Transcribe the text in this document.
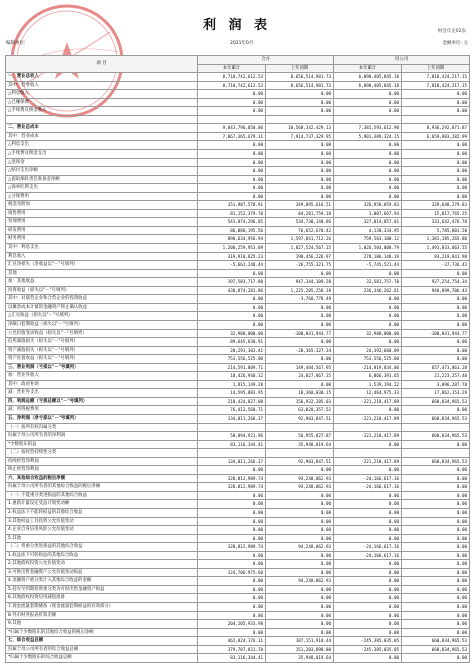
利 润 表	财会年企02表
编制单位:	2021年0月	金额单位: 元
项 目	合并		母公司	
	本年累计	上年同期	本年累计	上年同期
一、营业总收入	8,710,742,612.53	8,656,514,901.73	6,090,405,845.18	7,818,424,217.15
其中：营业收入	8,710,742,612.53	8,656,514,901.73	6,090,405,845.18	7,818,424,217.15
△利息收入	0.00	0.00	0.00	0.00
△已赚保费	0.00	0.00	0.00	0.00
△手续费及佣金收入	0.00	0.00	0.00	0.00

二、营业总成本	9,843,796,050.00	10,568,342,429.13	7,381,593,612.90	8,936,292,871.87
其中：营业成本	7,867,365,679.11	7,914,737,329.95	5,901,309,324.15	6,659,983,282.99
△利息支出	0.00	0.00	0.00	0.00
△手续费及佣金支出	0.00	0.00	0.00	0.00
△退保金	0.00	0.00	0.00	0.00
△赔付支出净额	0.00	0.00	0.00	0.00
△提取保险责任准备金净额	0.00	0.00	0.00	0.00
△保单红利支出	0.00	0.00	0.00	0.00
△分保费用	0.00	0.00	0.00	0.00
税金及附加	351,987,570.91	349,895,616.51	326,958,859.83	339,648,279.83
销售费用	81,152,379.70	84,281,759.10	1,007,667.94	15,817,765.25
管理费用	543,874,296.85	534,730,140.86	327,014,057.01	333,642,476.70
研发费用	86,080,195.56	76,652,670.42	4,130,334.95	5,785,801.50
财务费用	890,634,956.94	1,597,841,712.26	759,563,100.12	1,381,185,265.80
其中：利息支出	1,200,259,953.09	1,827,524,567.15	1,026,504,808.79	1,493,833,063.55
利息收入	319,910,825.23	190,456,226.97	270,106,148.19	93,219,841.98
汇兑净损失（净收益以"－"号填列）	-5,662,240.44	-26,755,321.75	-5,745,521.44	-37,736.43
其他	0.00	0.00	0.00	0.00
加：其他收益	197,583,717.80	947,344,109.28	33,581,757.70	927,254,754.34
投资收益（损失以"－"号填列）	438,874,281.86	1,225,205,258.18	236,346,262.61	948,899,706.43
其中：对联营企业和合营企业的投资收益	0.00	-3,760,778.49	0.00	0.00
以摊余成本计量的金融资产终止确认收益	0.00	0.00	0.00	0.00
△汇兑收益（损失以"－"号填列）	0.00	0.00	0.00	0.00
净敞口套期收益（损失以"－"号填列）	0.00	0.00	0.00	0.00
公允价值变动收益（损失以"－"号填列）	32,980,000.00	-100,841,944.77	32,980,000.00	-100,841,944.77
信用减值损失（损失以"－"号填列）	89,645,830.91	0.00	0.00	0.00
资产减值损失（损失以"－"号填列）	20,293,303.41	-20,365,327.34	24,392,660.09	0.00
资产处置收益（损失以"－"号填列）	753,556,525.00	0.00	753,556,525.00	0.00
三、营业利润（亏损以"－"号填列）	214,591,809.71	149,484,567.95	-214,819,834.00	657,473,861.28
加：营业外收入	10,426,940.32	24,827,867.35	6,066,391.65	21,223,257.40
其中：政府补助	1,815,149.28	0.00	1,539,194.22	3,096,207.78
减：营业外支出	14,595,883.95	18,360,030.15	12,464,975.33	17,862,153.29
四、利润总额（亏损总额以"－"号填列）	210,424,827.08	156,932,205.03	-221,218,417.89	660,834,965.53
减：所得税费用	76,413,560.71	63,028,357.52	0.00	0.00
五、净利润（净亏损以"－"号填列）	134,011,266.37	92,903,847.51	-221,218,417.89	660,834,965.53
（一）按所有权归属分类				
归属于母公司所有者的净利润	50,894,921.96	56,955,827.87	-221,218,417.89	660,834,965.53
*少数股东损益	83,116,344.41	35,948,019.64	0.00	0.00
（二）按经营持续性分类				
持续经营净利润	134,011,266.37	92,903,847.51	-221,218,417.89	660,834,965.53
终止经营净利润	0.00	0.00	0.00	0.00
六、其他综合收益的税后净额	328,812,909.74	94,248,062.93	-24,166,617.16	0.00
归属于母公司所有者的其他综合收益的税后净额	328,812,909.74	94,248,062.93	-24,166,617.16	0.00
（一）不能重分类进损益的其他综合收益	0.00	0.00	0.00	0.00
1.重新计量设定受益计划变动额	0.00	0.00	0.00	0.00
2.权益法下不能转损益的其他综合收益	0.00	0.00	0.00	0.00
3.其他权益工具投资公允价值变动	0.00	0.00	0.00	0.00
4.企业自身信用风险公允价值变动	0.00	0.00	0.00	0.00
5.其他	0.00	0.00	0.00	0.00
（二）将重分类进损益的其他综合收益	328,812,909.74	94,248,062.93	-24,166,617.16	0.00
1.权益法下可转损益的其他综合收益	0.00	0.00	-24,166,617.16	0.00
2.其他债权投资公允价值变动	0.00	0.00	0.00	0.00
3.可供出售金融资产公允价值变动损益	124,706,975.60	0.00	0.00	0.00
4.金融资产重分类计入其他综合收益的金额	0.00	94,248,062.93	0.00	0.00
5.持有至到期投资重分类为可供出售金融资产损益	0.00	0.00	0.00	0.00
6.其他债权投资信用减值准备	0.00	0.00	0.00	0.00
7.现金流量套期储备（现金流量套期损益的有效部分）	0.00	0.00	0.00	0.00
8.外币财务报表折算差额	0.00	0.00	0.00	0.00
9.其他	204,105,933.98	0.00	0.00	0.00
*归属于少数股东的其他综合收益的税后净额	0.00	0.00	0.00	0.00
七、综合收益总额	462,824,176.11	187,151,910.44	-245,385,035.05	660,834,965.53
归属于母公司所有者的综合收益总额	379,707,831.70	151,203,890.80	-245,385,035.05	660,834,965.53
*归属于少数股东的综合收益总额	83,116,344.41	35,948,019.64	0.00	0.00
